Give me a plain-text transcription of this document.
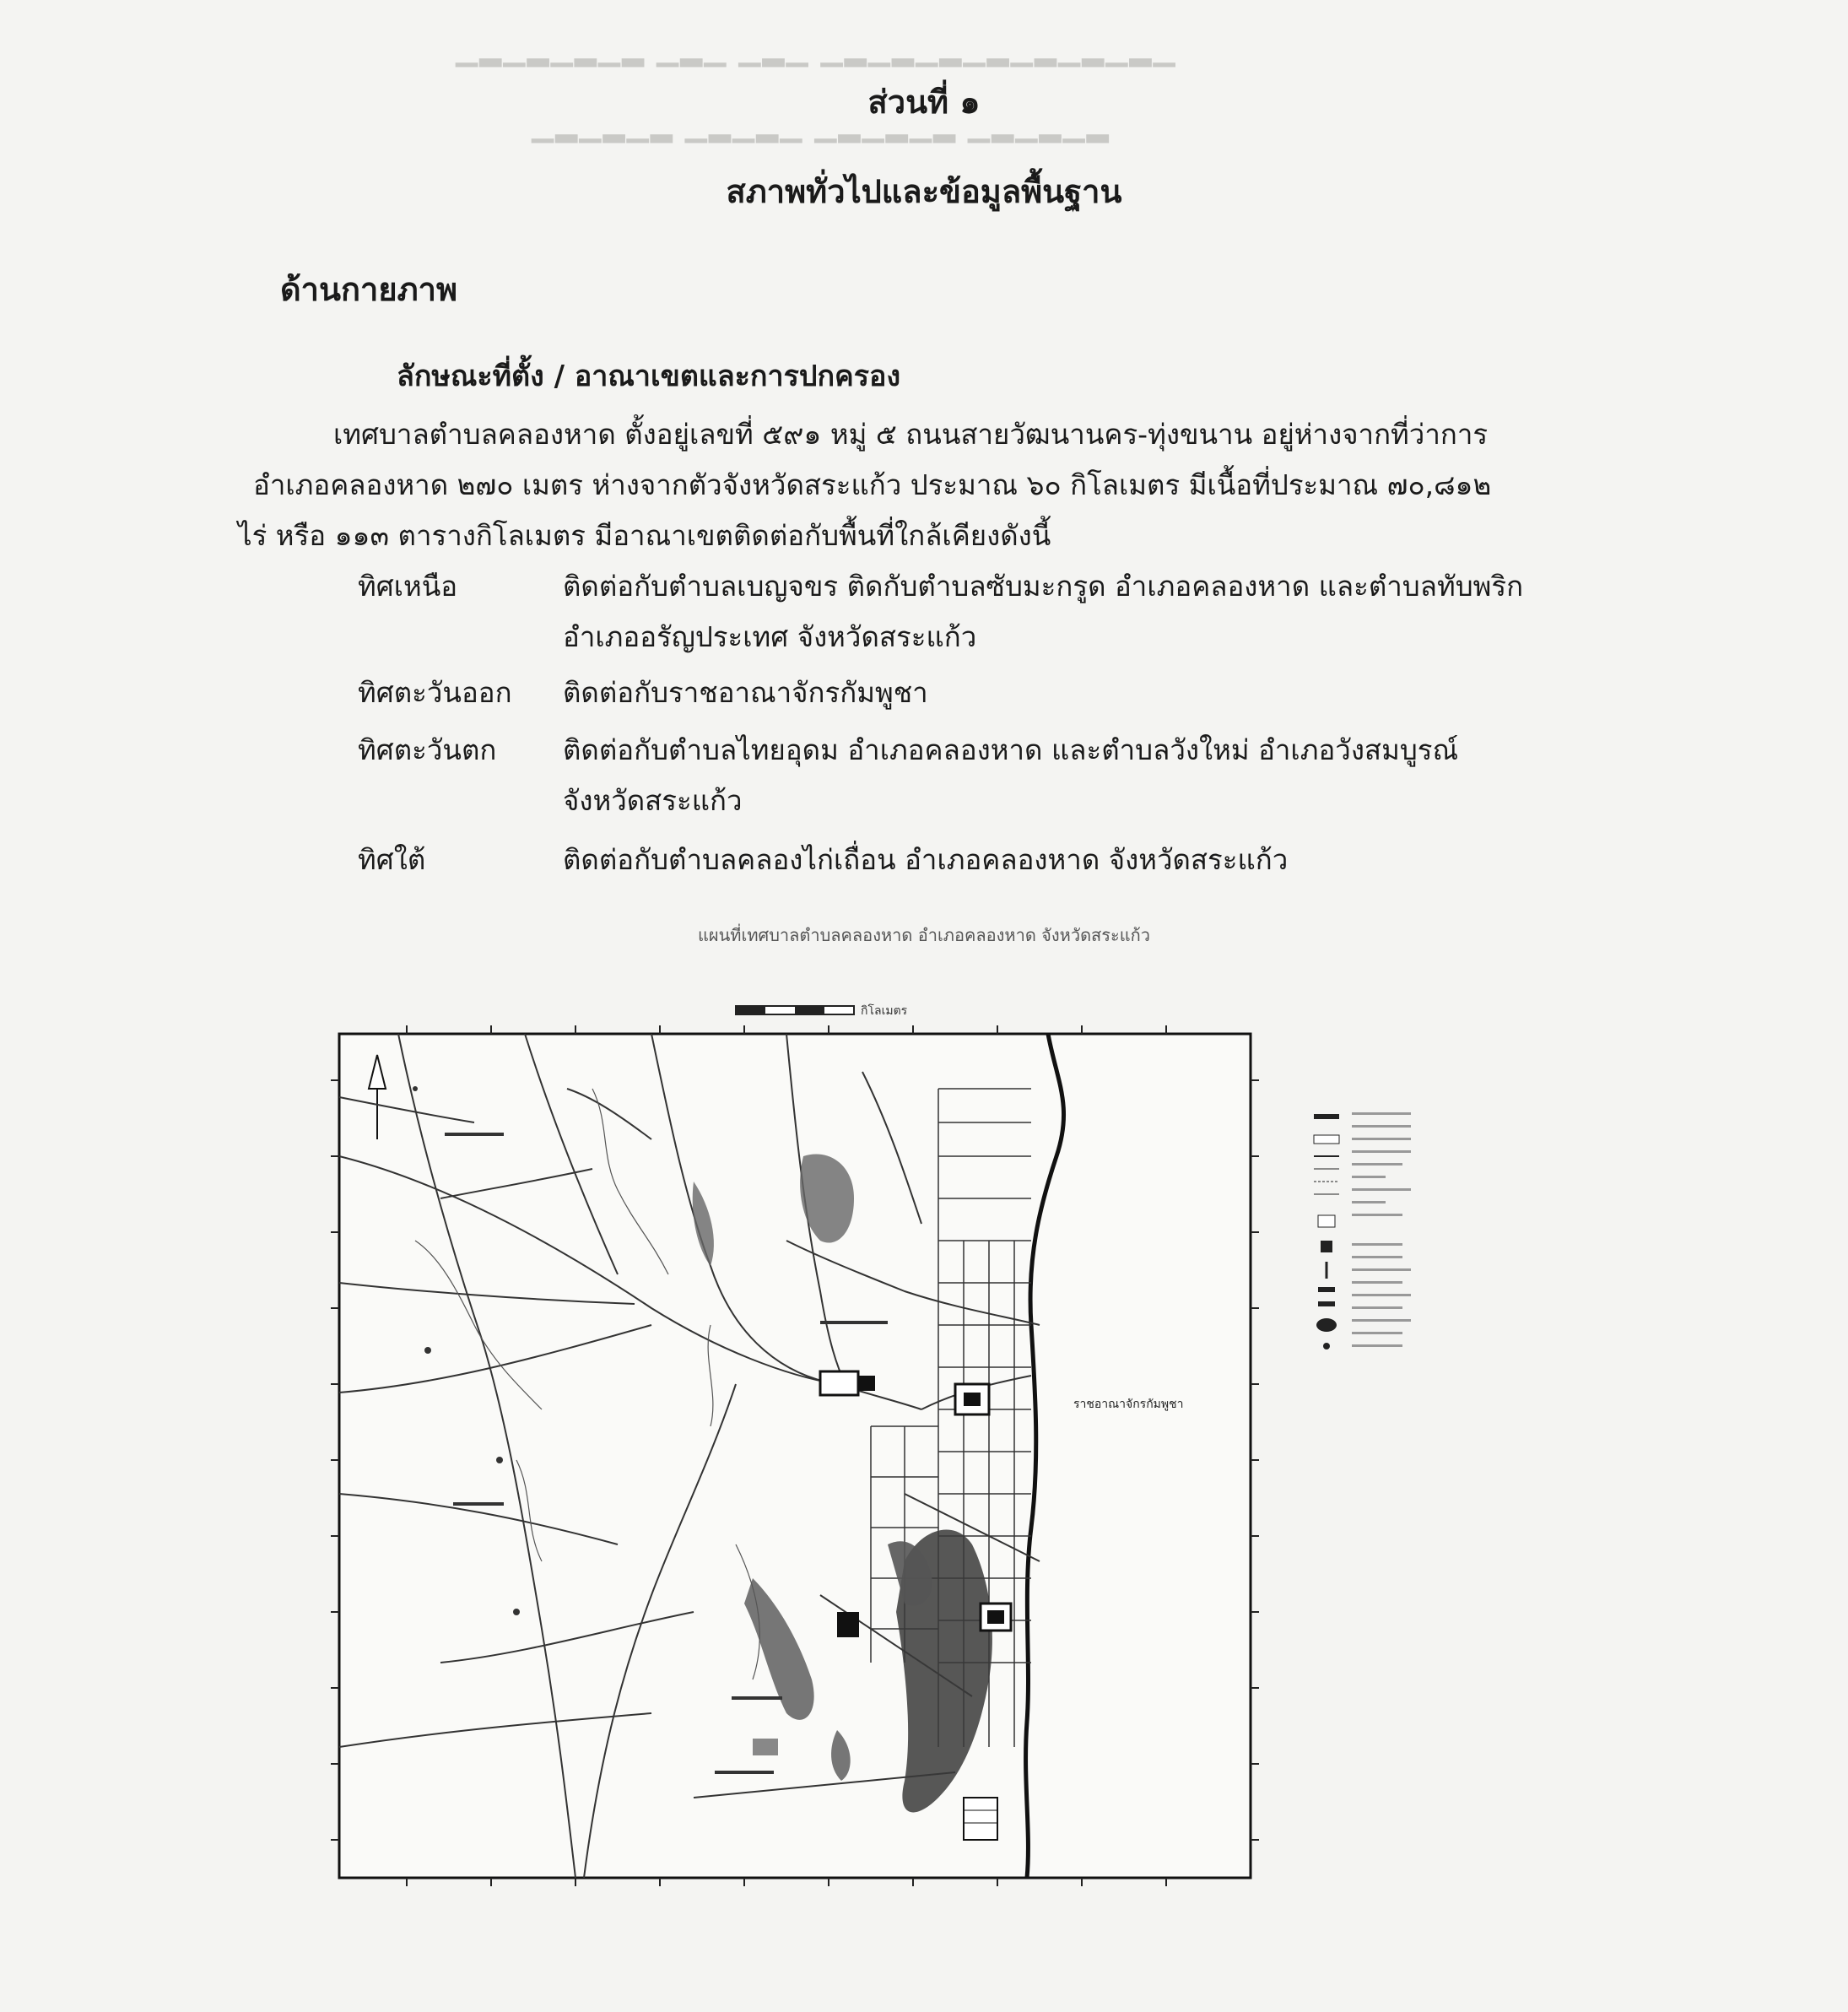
▁▂▁▂▁▂▁▂ ▁▂▁ ▁▂▁ ▁▂▁▂▁▂▁▂▁▂▁▂▁▂▁
▁▂▁▂▁▂ ▁▂▁▂▁ ▁▂▁▂▁▂ ▁▂▁▂▁▂
ส่วนที่ ๑
สภาพทั่วไปและข้อมูลพื้นฐาน
ด้านกายภาพ
ลักษณะที่ตั้ง / อาณาเขตและการปกครอง
เทศบาลตำบลคลองหาด ตั้งอยู่เลขที่ ๕๙๑ หมู่ ๕ ถนนสายวัฒนานคร-ทุ่งขนาน อยู่ห่างจากที่ว่าการ
อำเภอคลองหาด ๒๗๐ เมตร ห่างจากตัวจังหวัดสระแก้ว ประมาณ ๖๐ กิโลเมตร มีเนื้อที่ประมาณ ๗๐,๘๑๒
ไร่ หรือ ๑๑๓ ตารางกิโลเมตร มีอาณาเขตติดต่อกับพื้นที่ใกล้เคียงดังนี้
ทิศเหนือ	ติดต่อกับตำบลเบญจขร ติดกับตำบลซับมะกรูด อำเภอคลองหาด และตำบลทับพริก
อำเภออรัญประเทศ จังหวัดสระแก้ว
ทิศตะวันออก ติดต่อกับราชอาณาจักรกัมพูชา
ทิศตะวันตก ติดต่อกับตำบลไทยอุดม อำเภอคลองหาด และตำบลวังใหม่ อำเภอวังสมบูรณ์
จังหวัดสระแก้ว
ทิศใต้	ติดต่อกับตำบลคลองไก่เถื่อน อำเภอคลองหาด จังหวัดสระแก้ว
แผนที่เทศบาลตำบลคลองหาด อำเภอคลองหาด จังหวัดสระแก้ว
กิโลเมตร
ราชอาณาจักรกัมพูชา
